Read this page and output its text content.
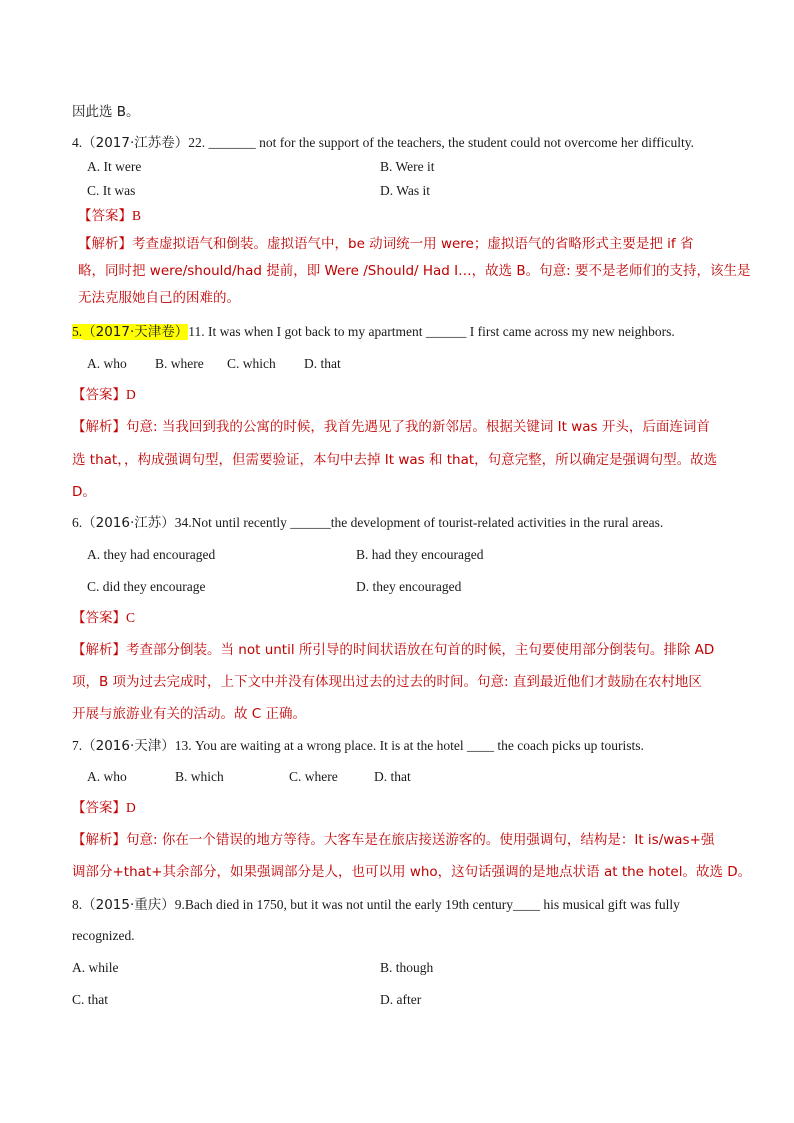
因此选 B。
4.（2017·江苏卷）22. _______ not for the support of the teachers, the student could not overcome her difficulty.
A. It were	B. Were it
C. It was	D. Was it
【答案】B
【解析】考查虚拟语气和倒装。虚拟语气中，be 动词统一用 were；虚拟语气的省略形式主要是把 if 省
略，同时把 were/should/had 提前，即 Were /Should/ Had I…，故选 B。句意: 要不是老师们的支持，该生是
无法克服她自己的困难的。
5.（2017·天津卷）11. It was when I got back to my apartment ______ I first came across my new neighbors.
A. who B. where C. which D. that
【答案】D
【解析】句意: 当我回到我的公寓的时候，我首先遇见了我的新邻居。根据关键词 It was 开头，后面连词首
选 that，，构成强调句型，但需要验证，本句中去掉 It was 和 that，句意完整，所以确定是强调句型。故选
D。
6.（2016·江苏）34.Not until recently ______the development of tourist-related activities in the rural areas.
A. they had encouraged	B. had they encouraged
C. did they encourage	D. they encouraged
【答案】C
【解析】考查部分倒装。当 not until 所引导的时间状语放在句首的时候，主句要使用部分倒装句。排除 AD
项，B 项为过去完成时，上下文中并没有体现出过去的过去的时间。句意: 直到最近他们才鼓励在农村地区
开展与旅游业有关的活动。故 C 正确。
7.（2016·天津）13. You are waiting at a wrong place. It is at the hotel ____ the coach picks up tourists.
A. who	B. which	C. where	D. that
【答案】D
【解析】句意: 你在一个错误的地方等待。大客车是在旅店接送游客的。使用强调句，结构是：It is/was+强
调部分+that+其余部分，如果强调部分是人，也可以用 who，这句话强调的是地点状语 at the hotel。故选 D。
8.（2015·重庆）9.Bach died in 1750, but it was not until the early 19th century____ his musical gift was fully
recognized.
A. while	B. though
C. that	D. after
